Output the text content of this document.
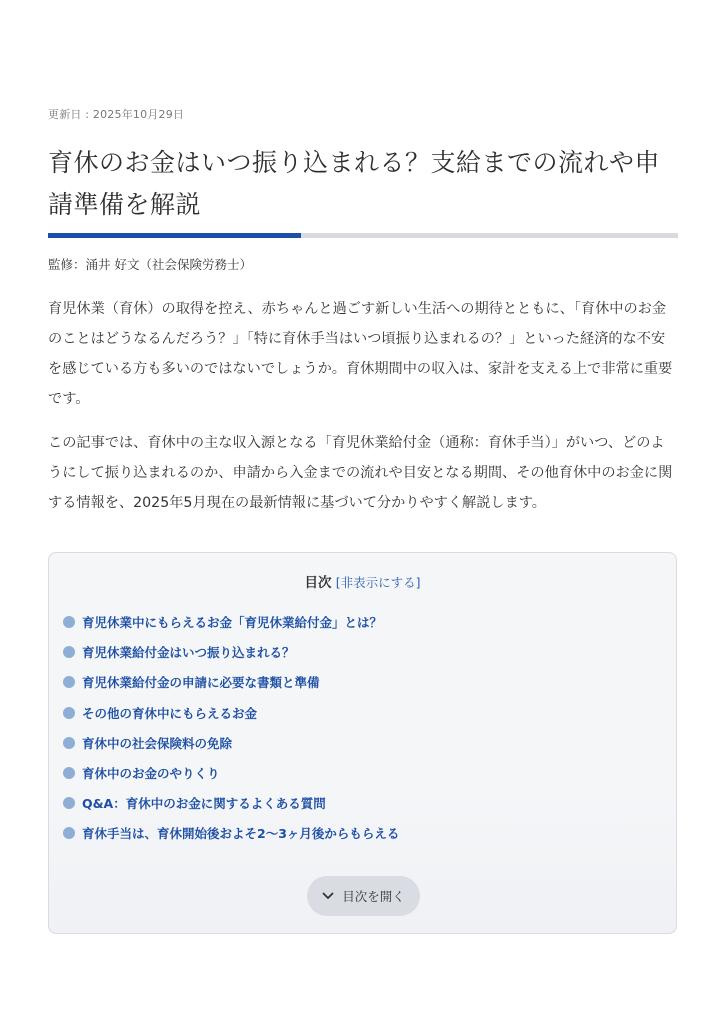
更新日 : 2025年10月29日
育休のお金はいつ振り込まれる？支給までの流れや申請準備を解説
監修：涌井 好文（社会保険労務士）

育児休業（育休）の取得を控え、赤ちゃんと過ごす新しい生活への期待とともに、「育休中のお金のことはどうなるんだろう？」「特に育休手当はいつ頃振り込まれるの？」といった経済的な不安を感じている方も多いのではないでしょうか。育休期間中の収入は、家計を支える上で非常に重要です。

この記事では、育休中の主な収入源となる「育児休業給付金（通称：育休手当）」がいつ、どのようにして振り込まれるのか、申請から入金までの流れや目安となる期間、その他育休中のお金に関する情報を、2025年5月現在の最新情報に基づいて分かりやすく解説します。

目次 [非表示にする]
育児休業中にもらえるお金「育児休業給付金」とは？
育児休業給付金はいつ振り込まれる？
育児休業給付金の申請に必要な書類と準備
その他の育休中にもらえるお金
育休中の社会保険料の免除
育休中のお金のやりくり
Q&A：育休中のお金に関するよくある質問
育休手当は、育休開始後およそ2〜3ヶ月後からもらえる
目次を開く
